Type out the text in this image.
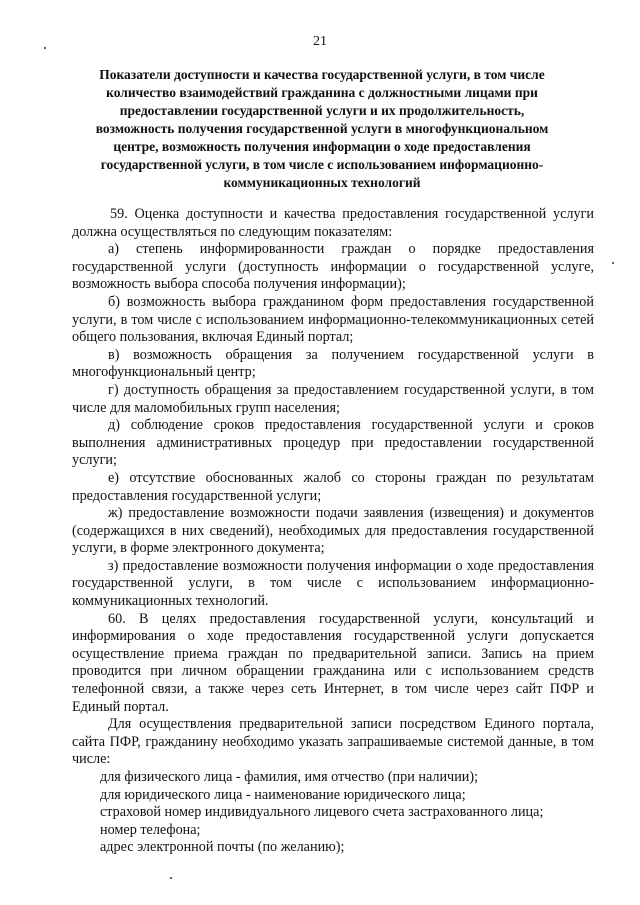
21
Показатели доступности и качества государственной услуги, в том числе
количество взаимодействий гражданина с должностными лицами при
предоставлении государственной услуги и их продолжительность,
возможность получения государственной услуги в многофункциональном
центре, возможность получения информации о ходе предоставления
государственной услуги, в том числе с использованием информационно-
коммуникационных технологий

59. Оценка доступности и качества предоставления государственной услуги должна осуществляться по следующим показателям:

а) степень информированности граждан о порядке предоставления государственной услуги (доступность информации о государственной услуге, возможность выбора способа получения информации);

б) возможность выбора гражданином форм предоставления государственной услуги, в том числе с использованием информационно-телекоммуникационных сетей общего пользования, включая Единый портал;

в) возможность обращения за получением государственной услуги в многофункциональный центр;

г) доступность обращения за предоставлением государственной услуги, в том числе для маломобильных групп населения;

д) соблюдение сроков предоставления государственной услуги и сроков выполнения административных процедур при предоставлении государственной услуги;

е) отсутствие обоснованных жалоб со стороны граждан по результатам предоставления государственной услуги;

ж) предоставление возможности подачи заявления (извещения) и документов (содержащихся в них сведений), необходимых для предоставления государственной услуги, в форме электронного документа;

з) предоставление возможности получения информации о ходе предоставления государственной услуги, в том числе с использованием информационно-коммуникационных технологий.

60. В целях предоставления государственной услуги, консультаций и информирования о ходе предоставления государственной услуги допускается осуществление приема граждан по предварительной записи. Запись на прием проводится при личном обращении гражданина или с использованием средств телефонной связи, а также через сеть Интернет, в том числе через сайт ПФР и Единый портал.

Для осуществления предварительной записи посредством Единого портала, сайта ПФР, гражданину необходимо указать запрашиваемые системой данные, в том числе:

для физического лица - фамилия, имя отчество (при наличии);

для юридического лица - наименование юридического лица;

страховой номер индивидуального лицевого счета застрахованного лица;

номер телефона;

адрес электронной почты (по желанию);
